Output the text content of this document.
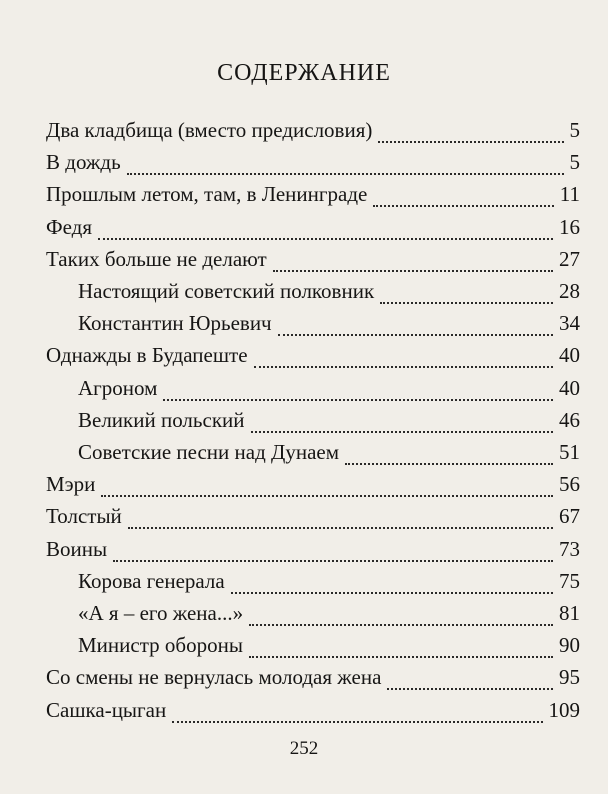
СОДЕРЖАНИЕ
Два кладбища (вместо предисловия)	5
В дождь	5
Прошлым летом, там, в Ленинграде	11
Федя	16
Таких больше не делают	27
Настоящий советский полковник	28
Константин Юрьевич	34
Однажды в Будапеште	40
Агроном	40
Великий польский	46
Советские песни над Дунаем	51
Мэри	56
Толстый	67
Воины	73
Корова генерала	75
«А я – его жена...»	81
Министр обороны	90
Со смены не вернулась молодая жена	95
Сашка-цыган	109
252
